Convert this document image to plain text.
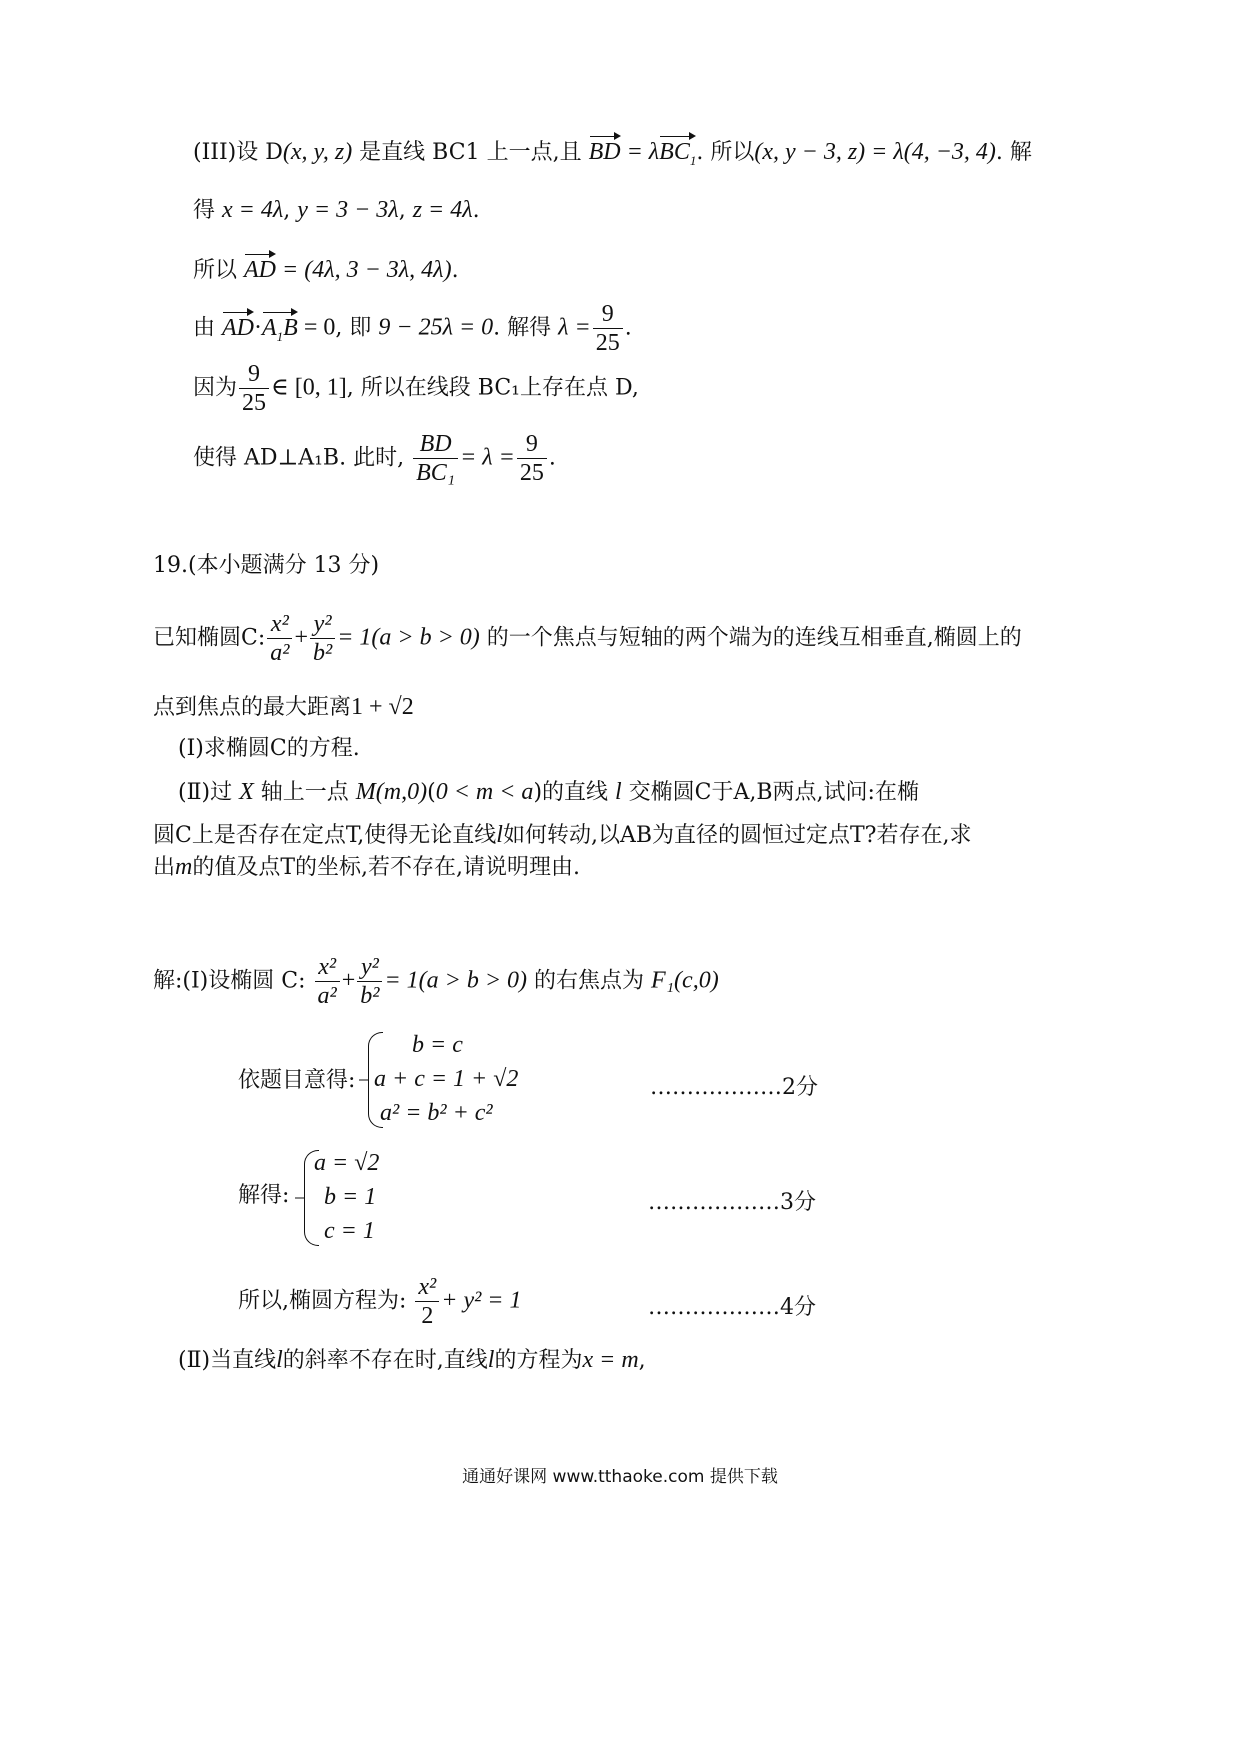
(III)设 D(x, y, z) 是直线 BC1 上一点,且 BD = λBC$_1$. 所以(x, y − 3, z) = λ(4, −3, 4). 解
得 x = 4λ, y = 3 − 3λ, z = 4λ.
所以 AD = (4λ, 3 − 3λ, 4λ).
由 $AD\cdot A_1B = 0$, 即 9 − 25λ = 0. 解得 $\lambda = \frac{9}{25}$ .
因为 $\frac{9}{25}$ ∈ [0, 1], 所以在线段 BC₁上存在点 D,
使得 AD⊥A₁B. 此时, $\frac{BD}{\text{BC₁}} = \lambda = \frac{9}{25}$ .
19.(本小题满分 13 分)
已知椭圆C: $\frac{\text{x²}}{\text{a²}} + \frac{\text{y²}}{\text{b²}} = 1(a > b > 0)$ 的一个焦点与短轴的两个端为的连线互相垂直,椭圆上的
点到焦点的最大距离1 + √2
(Ⅰ)求椭圆C的方程.
(Ⅱ)过 X 轴上一点 M(m,0)(0 < m < a)的直线 l 交椭圆C于A,B两点,试问:在椭
圆C上是否存在定点T,使得无论直线l如何转动,以AB为直径的圆恒过定点T?若存在,求
出m的值及点T的坐标,若不存在,请说明理由.
解:(Ⅰ)设椭圆 C: $\frac{\text{x²}}{\text{a²}} + \frac{\text{y²}}{\text{b²}} = 1(a > b > 0)$ 的右焦点为 F₁(c,0)
依题目意得:
b = c
a + c = 1 + √2
a² = b² + c²
………………2分
解得:
a = √2
b = 1
c = 1
………………3分
所以,椭圆方程为: $\frac{\text{x²}}{2} + y^2 = 1$	………………4分
(Ⅱ)当直线l的斜率不存在时,直线l的方程为x = m,
通通好课网 www.tthaoke.com 提供下载
